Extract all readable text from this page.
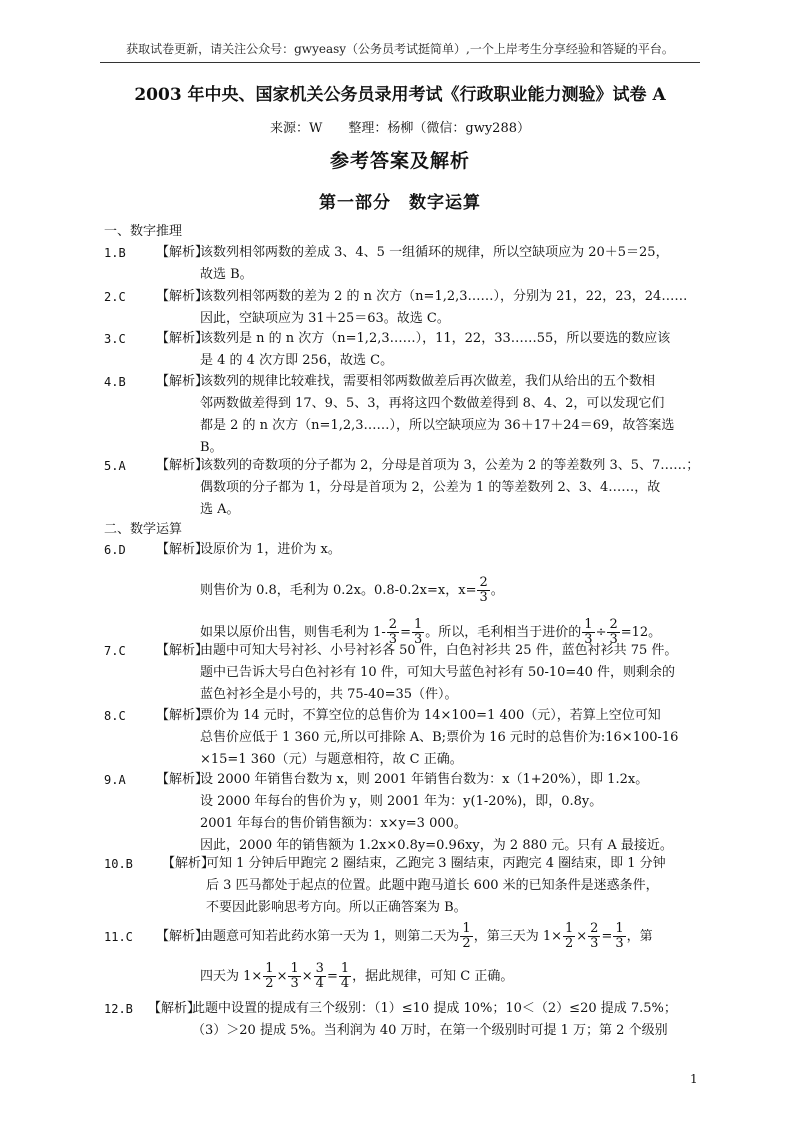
获取试卷更新，请关注公众号：gwyeasy（公务员考试挺简单）,一个上岸考生分享经验和答疑的平台。
2003 年中央、国家机关公务员录用考试《行政职业能力测验》试卷 A
来源：W　　整理：杨柳（微信：gwy288）
参考答案及解析
第一部分　数字运算
一、数字推理
1.B 【解析】
该数列相邻两数的差成 3、4、5 一组循环的规律，所以空缺项应为 20＋5＝25，
故选 B。
2.C 【解析】
该数列相邻两数的差为 2 的 n 次方（n=1,2,3……），分别为 21，22，23，24……
因此，空缺项应为 31＋25＝63。故选 C。
3.C 【解析】
该数列是 n 的 n 次方（n=1,2,3……），11，22，33……55，所以要选的数应该
是 4 的 4 次方即 256，故选 C。
4.B 【解析】
该数列的规律比较难找，需要相邻两数做差后再次做差，我们从给出的五个数相
邻两数做差得到 17、9、5、3，再将这四个数做差得到 8、4、2，可以发现它们
都是 2 的 n 次方（n=1,2,3……），所以空缺项应为 36＋17＋24＝69，故答案选
B。
5.A 【解析】
该数列的奇数项的分子都为 2，分母是首项为 3，公差为 2 的等差数列 3、5、7……；
偶数项的分子都为 1，分母是首项为 2，公差为 1 的等差数列 2、3、4……，故
选 A。
二、数学运算
6.D 【解析】
设原价为 1，进价为 x。
则售价为 0.8，毛利为 0.2x。0.8-0.2x=x，$x= \frac{2}{3}$ 。
如果以原价出售，则售毛利为 $1- \frac{2}{3} = \frac{1}{3}$ 。所以，毛利相当于进价的 $\frac{1}{3} \div \frac{2}{3} =12$。
7.C 【解析】
由题中可知大号衬衫、小号衬衫各 50 件，白色衬衫共 25 件，蓝色衬衫共 75 件。
题中已告诉大号白色衬衫有 10 件，可知大号蓝色衬衫有 50-10=40 件，则剩余的
蓝色衬衫全是小号的，共 75-40=35（件）。
8.C 【解析】
票价为 14 元时，不算空位的总售价为 14×100=1 400（元），若算上空位可知
总售价应低于 1 360 元,所以可排除 A、B;票价为 16 元时的总售价为:16×100-16
×15=1 360（元）与题意相符，故 C 正确。
9.A 【解析】
设 2000 年销售台数为 x，则 2001 年销售台数为：x（1+20%），即 1.2x。
设 2000 年每台的售价为 y，则 2001 年为：y(1-20%)，即，0.8y。
2001 年每台的售价销售额为：x×y=3 000。
因此，2000 年的销售额为 1.2x×0.8y=0.96xy，为 2 880 元。只有 A 最接近。
10.B 【解析】
可知 1 分钟后甲跑完 2 圈结束，乙跑完 3 圈结束，丙跑完 4 圈结束，即 1 分钟
后 3 匹马都处于起点的位置。此题中跑马道长 600 米的已知条件是迷惑条件，
不要因此影响思考方向。所以正确答案为 B。
11.C 【解析】
由题意可知若此药水第一天为 1，则第二天为 $\frac{1}{2}$ ，第三天为 $1\times \frac{1}{2} \times \frac{2}{3} = \frac{1}{3}$ ，第
四天为 $1\times \frac{1}{2} \times \frac{1}{3} \times \frac{3}{4} = \frac{1}{4}$ ，据此规律，可知 C 正确。
12.B 【解析】
此题中设置的提成有三个级别：（1）≤10 提成 10%；10＜（2）≤20 提成 7.5%；
（3）＞20 提成 5%。当利润为 40 万时，在第一个级别时可提 1 万；第 2 个级别
1
